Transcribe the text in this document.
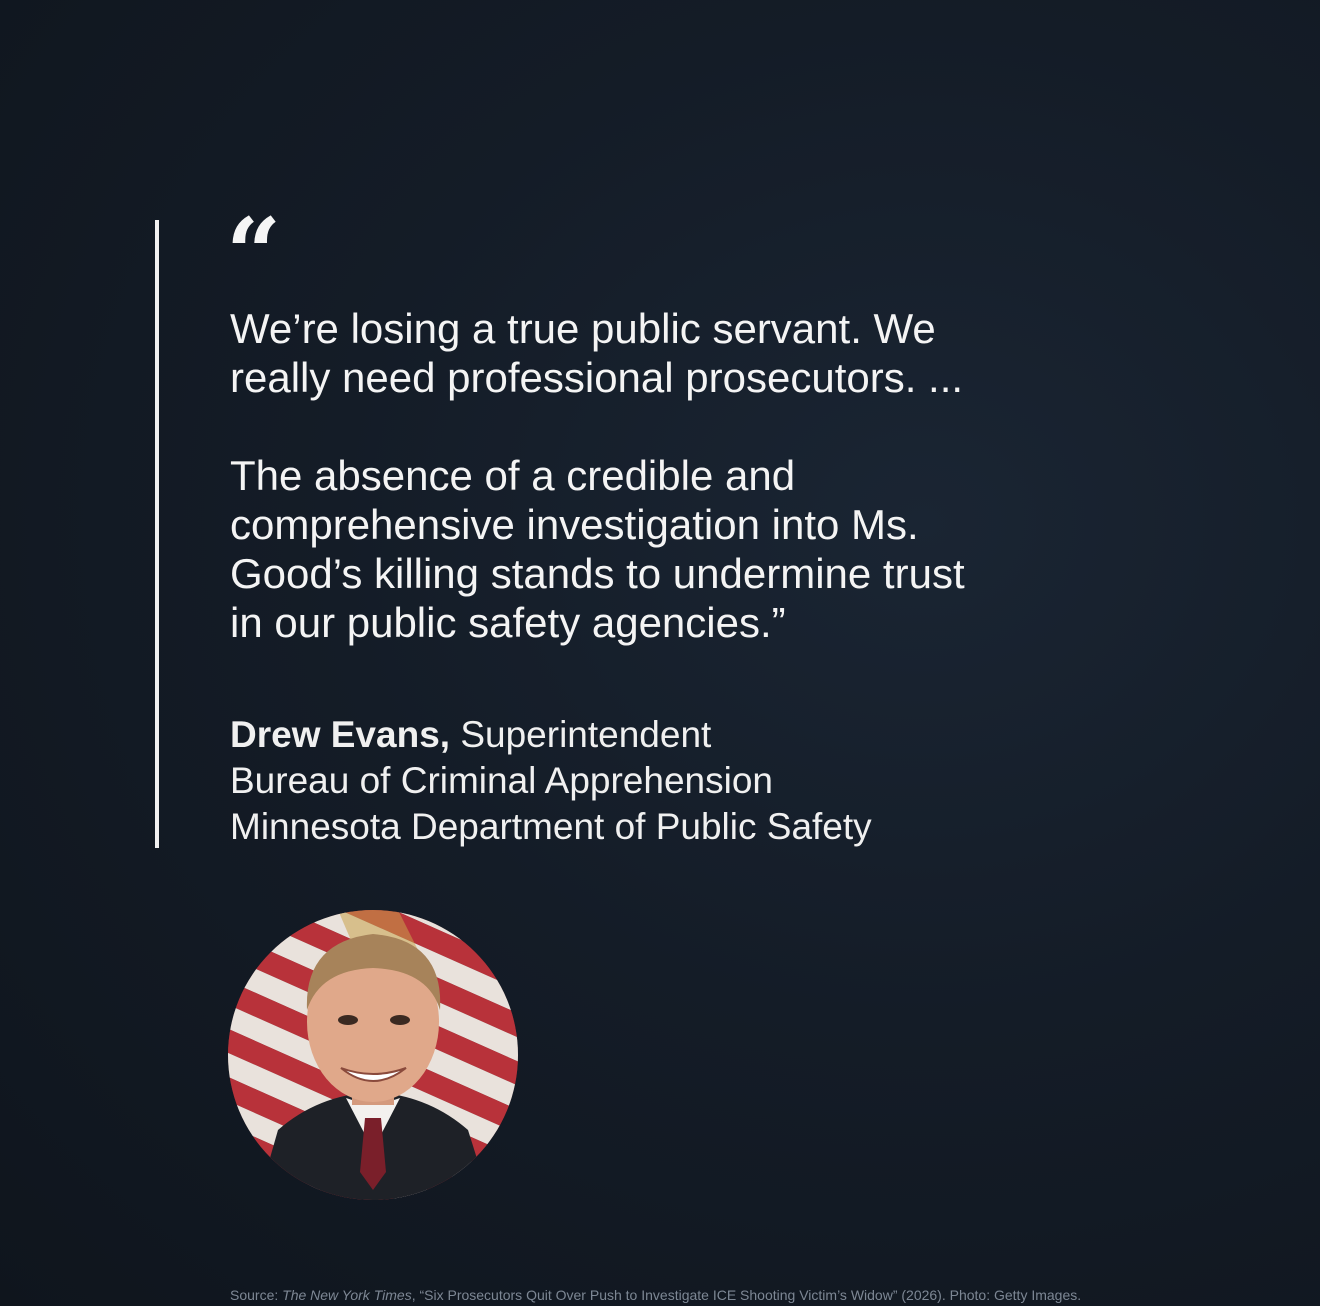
“
We’re losing a true public servant. We
really need professional prosecutors. ...
The absence of a credible and
comprehensive investigation into Ms.
Good’s killing stands to undermine trust
in our public safety agencies.”
Drew Evans, Superintendent
Bureau of Criminal Apprehension
Minnesota Department of Public Safety
Source: The New York Times, “Six Prosecutors Quit Over Push to Investigate ICE Shooting Victim’s Widow” (2026). Photo: Getty Images.
